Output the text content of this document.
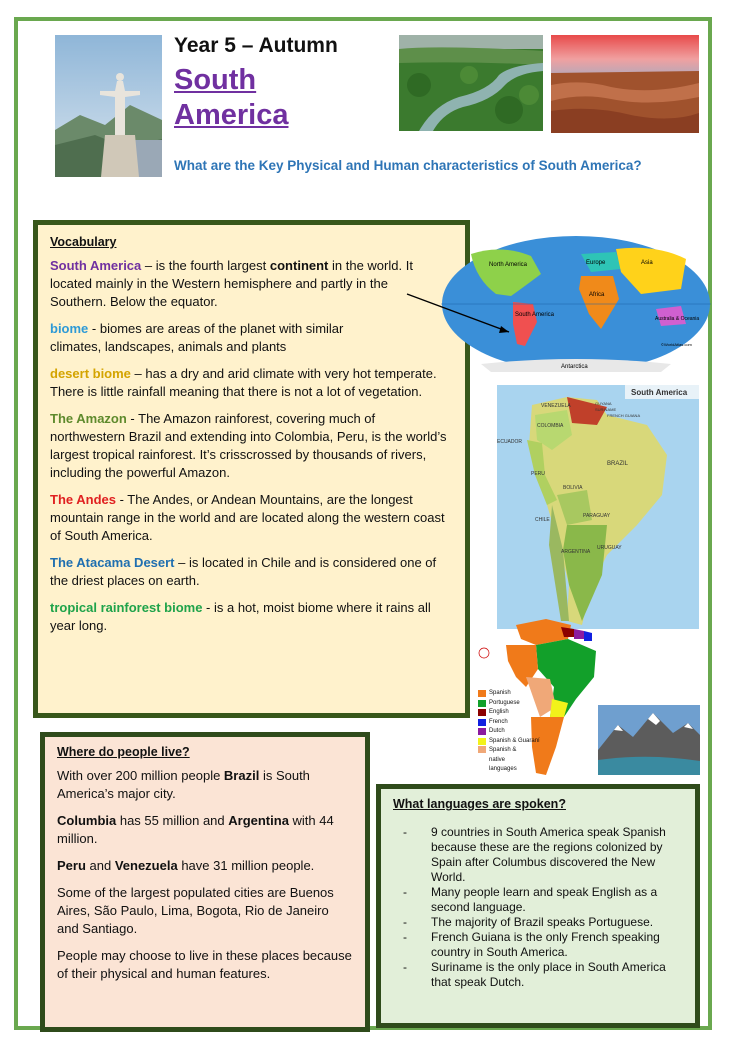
Year 5 – Autumn
South
America
What are the Key Physical and Human characteristics of South America?
Vocabulary

South America – is the fourth largest continent in the world. It located mainly in the Western hemisphere and partly in the Southern. Below the equator.

biome - biomes are areas of the planet with similar climates, landscapes, animals and plants

desert biome – has a dry and arid climate with very hot temperate. There is little rainfall meaning that there is not a lot of vegetation.

The Amazon - The Amazon rainforest, covering much of northwestern Brazil and extending into Colombia, Peru, is the world’s largest tropical rainforest. It’s crisscrossed by thousands of rivers, including the powerful Amazon.

The Andes - The Andes, or Andean Mountains, are the longest mountain range in the world and are located along the western coast of South America.

The Atacama Desert – is located in Chile and is considered one of the driest places on earth.

tropical rainforest biome - is a hot, moist biome where it rains all year long.

North America
South America
Europe	Asia
Africa
Australia & Oceania
Antarctica
©WorldAtlas.com
South America
COLOMBIA
VENEZUELA	GUYANA
SURINAME
FRENCH GUIANA
ECUADOR
PERU
BRAZIL
BOLIVIA
CHILE
PARAGUAY
ARGENTINA
URUGUAY
Spanish
Portuguese
English
French
Dutch
Spanish & Guaraní
Spanish & native languages
Where do people live?

With over 200 million people Brazil is South America’s major city.

Columbia has 55 million and Argentina with 44 million.

Peru and Venezuela have 31 million people.

Some of the largest populated cities are Buenos Aires, São Paulo, Lima, Bogota, Rio de Janeiro and Santiago.

People may choose to live in these places because of their physical and human features.

What languages are spoken?
-	9 countries in South America speak Spanish because these are the regions colonized by Spain after Columbus discovered the New World.
-	Many people learn and speak English as a second language.
-	The majority of Brazil speaks Portuguese.
-	French Guiana is the only French speaking country in South America.
-	Suriname is the only place in South America that speak Dutch.
